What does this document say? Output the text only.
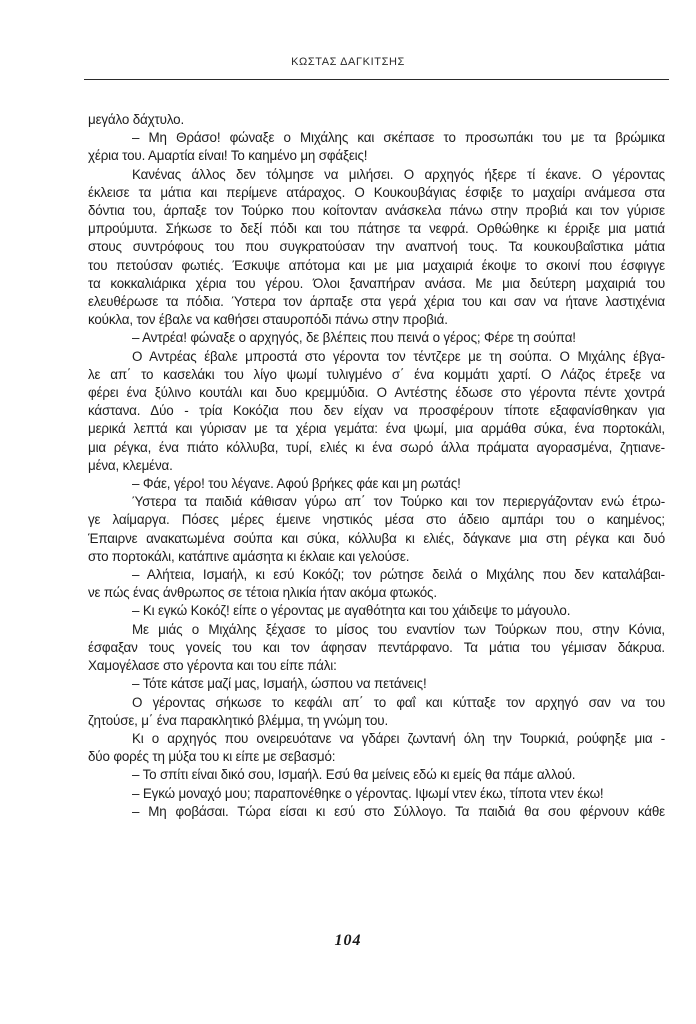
ΚΩΣΤΑΣ ΔΑΓΚΙΤΣΗΣ
μεγάλο δάχτυλο.
– Μη Θράσο! φώναξε ο Μιχάλης και σκέπασε το προσωπάκι του με τα βρώμικα
χέρια του. Αμαρτία είναι! Το καημένο μη σφάξεις!
Κανένας άλλος δεν τόλμησε να μιλήσει. Ο αρχηγός ήξερε τί έκανε. Ο γέροντας
έκλεισε τα μάτια και περίμενε ατάραχος. Ο Κουκουβάγιας έσφιξε το μαχαίρι ανάμεσα στα
δόντια του, άρπαξε τον Τούρκο που κοίτονταν ανάσκελα πάνω στην προβιά και τον γύρισε
μπρούμυτα. Σήκωσε το δεξί πόδι και του πάτησε τα νεφρά. Ορθώθηκε κι έρριξε μια ματιά
στους συντρόφους του που συγκρατούσαν την αναπνοή τους. Τα κουκουβαΐστικα μάτια
του πετούσαν φωτιές. Έσκυψε απότομα και με μια μαχαιριά έκοψε το σκοινί που έσφιγγε
τα κοκκαλιάρικα χέρια του γέρου. Όλοι ξαναπήραν ανάσα. Με μια δεύτερη μαχαιριά του
ελευθέρωσε τα πόδια. Ύστερα τον άρπαξε στα γερά χέρια του και σαν να ήτανε λαστιχένια
κούκλα, τον έβαλε να καθήσει σταυροπόδι πάνω στην προβιά.
– Αντρέα! φώναξε ο αρχηγός, δε βλέπεις που πεινά ο γέρος; Φέρε τη σούπα!
Ο Αντρέας έβαλε μπροστά στο γέροντα τον τέντζερε με τη σούπα. Ο Μιχάλης έβγα-
λε απ΄ το κασελάκι του λίγο ψωμί τυλιγμένο σ΄ ένα κομμάτι χαρτί. Ο Λάζος έτρεξε να
φέρει ένα ξύλινο κουτάλι και δυο κρεμμύδια. Ο Αντέστης έδωσε στο γέροντα πέντε χοντρά
κάστανα. Δύο - τρία Κοκόζια που δεν είχαν να προσφέρουν τίποτε εξαφανίσθηκαν για
μερικά λεπτά και γύρισαν με τα χέρια γεμάτα: ένα ψωμί, μια αρμάθα σύκα, ένα πορτοκάλι,
μια ρέγκα, ένα πιάτο κόλλυβα, τυρί, ελιές κι ένα σωρό άλλα πράματα αγορασμένα, ζητιανε-
μένα, κλεμένα.
– Φάε, γέρο! του λέγανε. Αφού βρήκες φάε και μη ρωτάς!
Ύστερα τα παιδιά κάθισαν γύρω απ΄ τον Τούρκο και τον περιεργάζονταν ενώ έτρω-
γε λαίμαργα. Πόσες μέρες έμεινε νηστικός μέσα στο άδειο αμπάρι του ο καημένος;
Έπαιρνε ανακατωμένα σούπα και σύκα, κόλλυβα κι ελιές, δάγκανε μια στη ρέγκα και δυό
στο πορτοκάλι, κατάπινε αμάσητα κι έκλαιε και γελούσε.
– Αλήτεια, Ισμαήλ, κι εσύ Κοκόζι; τον ρώτησε δειλά ο Μιχάλης που δεν καταλάβαι-
νε πώς ένας άνθρωπος σε τέτοια ηλικία ήταν ακόμα φτωκός.
– Κι εγκώ Κοκόζ! είπε ο γέροντας με αγαθότητα και του χάιδεψε το μάγουλο.
Με μιάς ο Μιχάλης ξέχασε το μίσος του εναντίον των Τούρκων που, στην Κόνια,
έσφαξαν τους γονείς του και τον άφησαν πεντάρφανο. Τα μάτια του γέμισαν δάκρυα.
Χαμογέλασε στο γέροντα και του είπε πάλι:
– Τότε κάτσε μαζί μας, Ισμαήλ, ώσπου να πετάνεις!
Ο γέροντας σήκωσε το κεφάλι απ΄ το φαΐ και κύτταξε τον αρχηγό σαν να του
ζητούσε, μ΄ ένα παρακλητικό βλέμμα, τη γνώμη του.
Κι ο αρχηγός που ονειρευότανε να γδάρει ζωντανή όλη την Τουρκιά, ρούφηξε μια -
δύο φορές τη μύξα του κι είπε με σεβασμό:
– Το σπίτι είναι δικό σου, Ισμαήλ. Εσύ θα μείνεις εδώ κι εμείς θα πάμε αλλού.
– Εγκώ μοναχό μου; παραπονέθηκε ο γέροντας. Ιψωμί ντεν έκω, τίποτα ντεν έκω!
– Μη φοβάσαι. Τώρα είσαι κι εσύ στο Σύλλογο. Τα παιδιά θα σου φέρνουν κάθε
104
